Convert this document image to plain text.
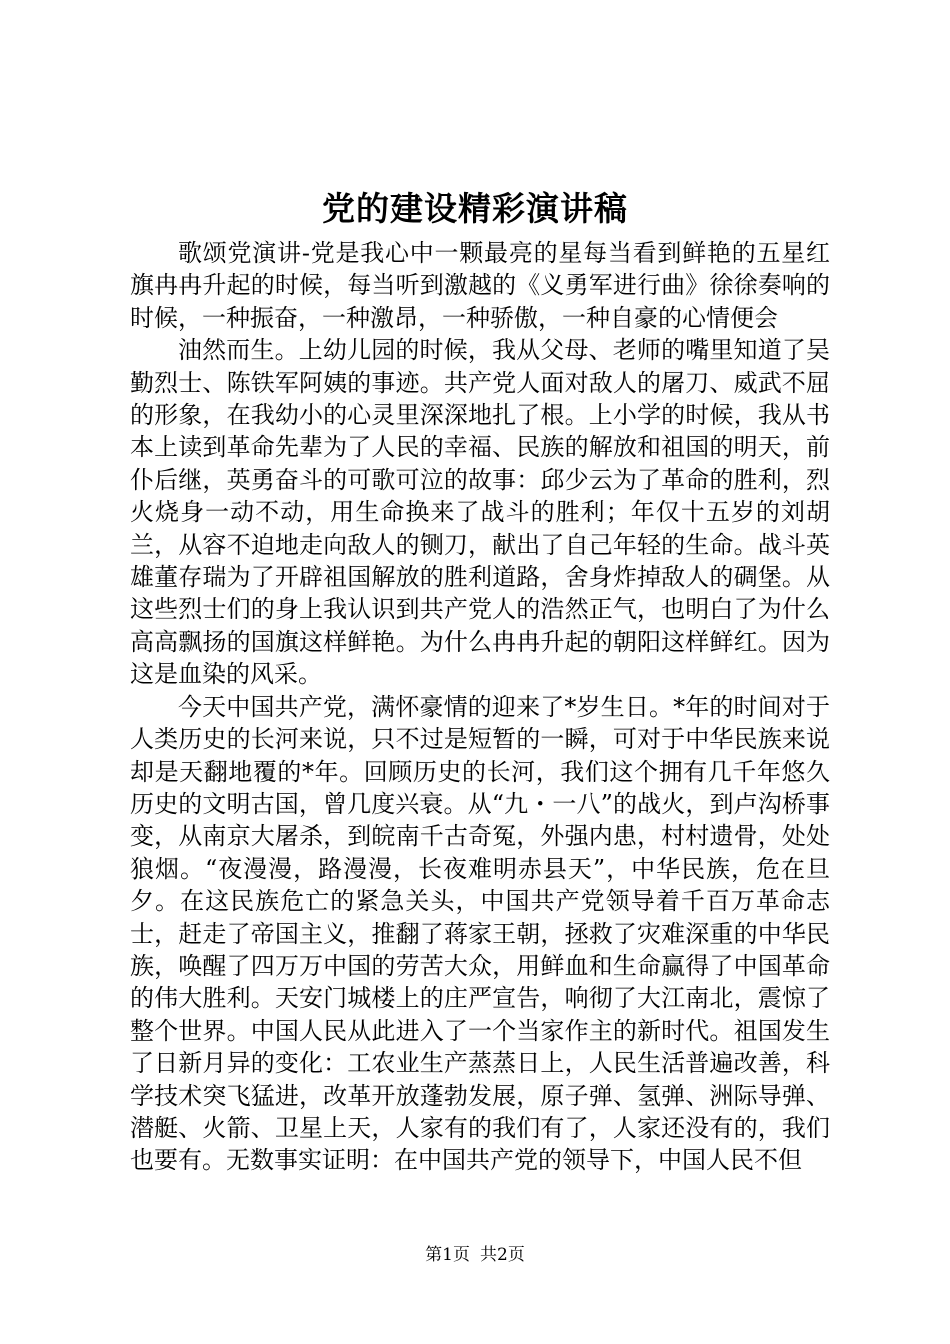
党的建设精彩演讲稿

歌颂党演讲-党是我心中一颗最亮的星每当看到鲜艳的五星红旗冉冉升起的时候，每当听到激越的《义勇军进行曲》徐徐奏响的时候，一种振奋，一种激昂，一种骄傲，一种自豪的心情便会

油然而生。上幼儿园的时候，我从父母、老师的嘴里知道了吴勤烈士、陈铁军阿姨的事迹。共产党人面对敌人的屠刀、威武不屈的形象，在我幼小的心灵里深深地扎了根。上小学的时候，我从书本上读到革命先辈为了人民的幸福、民族的解放和祖国的明天，前仆后继，英勇奋斗的可歌可泣的故事：邱少云为了革命的胜利，烈火烧身一动不动，用生命换来了战斗的胜利；年仅十五岁的刘胡兰，从容不迫地走向敌人的铡刀，献出了自己年轻的生命。战斗英雄董存瑞为了开辟祖国解放的胜利道路，舍身炸掉敌人的碉堡。从这些烈士们的身上我认识到共产党人的浩然正气，也明白了为什么高高飘扬的国旗这样鲜艳。为什么冉冉升起的朝阳这样鲜红。因为这是血染的风采。

今天中国共产党，满怀豪情的迎来了*岁生日。*年的时间对于人类历史的长河来说，只不过是短暂的一瞬，可对于中华民族来说却是天翻地覆的*年。回顾历史的长河，我们这个拥有几千年悠久历史的文明古国，曾几度兴衰。从“九・一八”的战火，到卢沟桥事变，从南京大屠杀，到皖南千古奇冤，外强内患，村村遗骨，处处狼烟。“夜漫漫，路漫漫，长夜难明赤县天”，中华民族，危在旦夕。在这民族危亡的紧急关头，中国共产党领导着千百万革命志士，赶走了帝国主义，推翻了蒋家王朝，拯救了灾难深重的中华民族，唤醒了四万万中国的劳苦大众，用鲜血和生命赢得了中国革命的伟大胜利。天安门城楼上的庄严宣告，响彻了大江南北，震惊了整个世界。中国人民从此进入了一个当家作主的新时代。祖国发生了日新月异的变化：工农业生产蒸蒸日上，人民生活普遍改善，科学技术突飞猛进，改革开放蓬勃发展，原子弹、氢弹、洲际导弹、潜艇、火箭、卫星上天，人家有的我们有了，人家还没有的，我们也要有。无数事实证明：在中国共产党的领导下，中国人民不但

第1页 共2页
